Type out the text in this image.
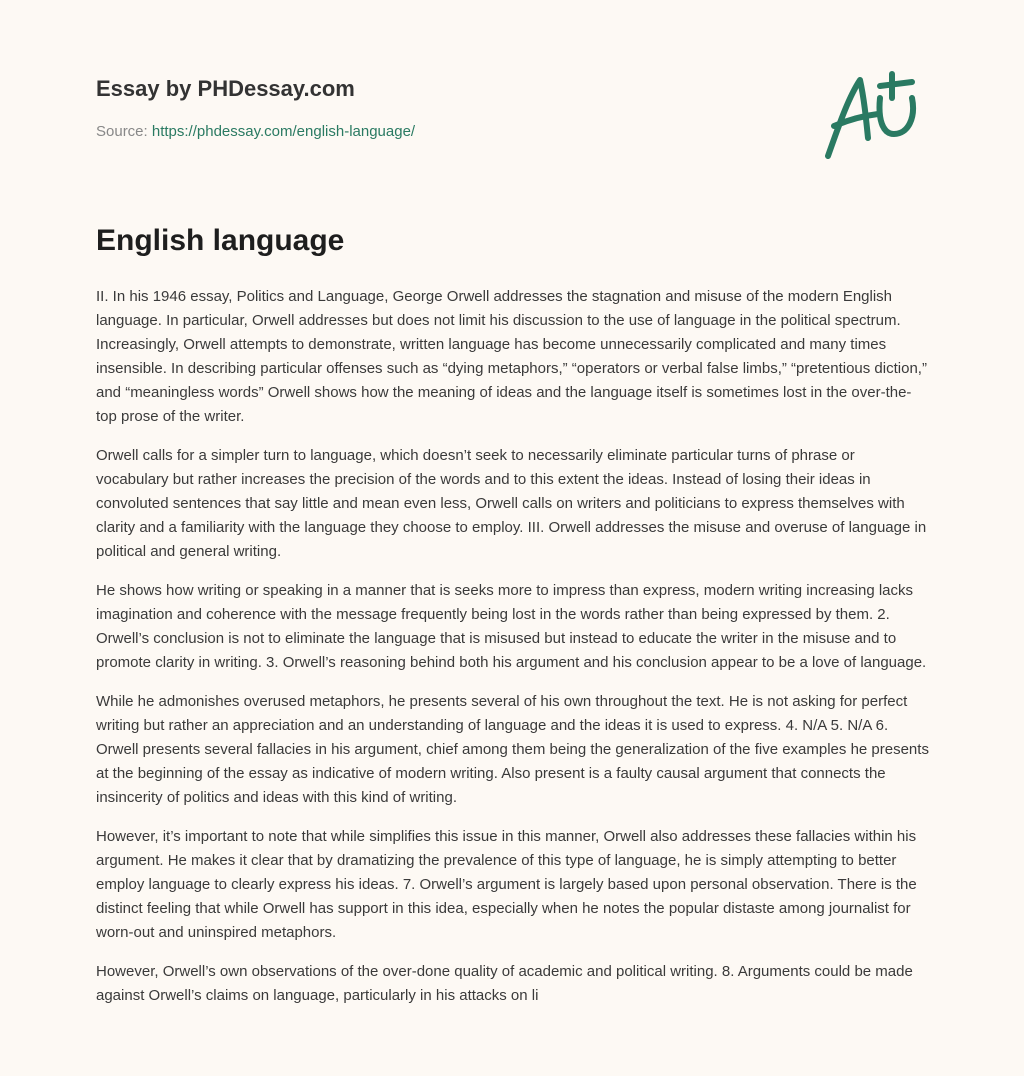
Essay by PHDessay.com
Source: https://phdessay.com/english-language/
English language

II. In his 1946 essay, Politics and Language, George Orwell addresses the stagnation and misuse of the modern English language. In particular, Orwell addresses but does not limit his discussion to the use of language in the political spectrum. Increasingly, Orwell attempts to demonstrate, written language has become unnecessarily complicated and many times insensible. In describing particular offenses such as “dying metaphors,” “operators or verbal false limbs,” “pretentious diction,” and “meaningless words” Orwell shows how the meaning of ideas and the language itself is sometimes lost in the over-the-top prose of the writer.

Orwell calls for a simpler turn to language, which doesn’t seek to necessarily eliminate particular turns of phrase or vocabulary but rather increases the precision of the words and to this extent the ideas. Instead of losing their ideas in convoluted sentences that say little and mean even less, Orwell calls on writers and politicians to express themselves with clarity and a familiarity with the language they choose to employ. III. Orwell addresses the misuse and overuse of language in political and general writing.

He shows how writing or speaking in a manner that is seeks more to impress than express, modern writing increasing lacks imagination and coherence with the message frequently being lost in the words rather than being expressed by them. 2. Orwell’s conclusion is not to eliminate the language that is misused but instead to educate the writer in the misuse and to promote clarity in writing. 3. Orwell’s reasoning behind both his argument and his conclusion appear to be a love of language.

While he admonishes overused metaphors, he presents several of his own throughout the text. He is not asking for perfect writing but rather an appreciation and an understanding of language and the ideas it is used to express. 4. N/A 5. N/A 6. Orwell presents several fallacies in his argument, chief among them being the generalization of the five examples he presents at the beginning of the essay as indicative of modern writing. Also present is a faulty causal argument that connects the insincerity of politics and ideas with this kind of writing.

However, it’s important to note that while simplifies this issue in this manner, Orwell also addresses these fallacies within his argument. He makes it clear that by dramatizing the prevalence of this type of language, he is simply attempting to better employ language to clearly express his ideas. 7. Orwell’s argument is largely based upon personal observation. There is the distinct feeling that while Orwell has support in this idea, especially when he notes the popular distaste among journalist for worn-out and uninspired metaphors.

However, Orwell’s own observations of the over-done quality of academic and political writing. 8. Arguments could be made against Orwell’s claims on language, particularly in his attacks on li
